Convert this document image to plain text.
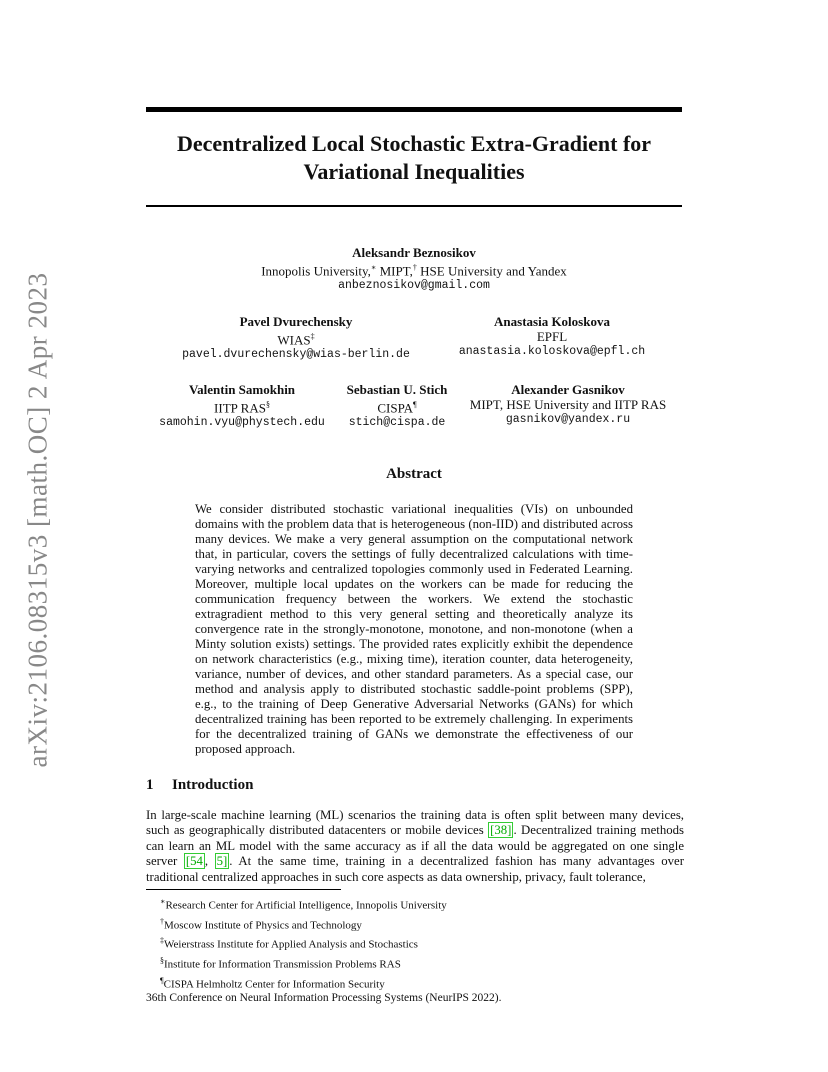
arXiv:2106.08315v3 [math.OC] 2 Apr 2023
Decentralized Local Stochastic Extra-Gradient for
Variational Inequalities
Aleksandr Beznosikov
Innopolis University,∗ MIPT,† HSE University and Yandex
anbeznosikov@gmail.com
Pavel Dvurechensky
WIAS‡
pavel.dvurechensky@wias-berlin.de
Anastasia Koloskova
EPFL
anastasia.koloskova@epfl.ch
Valentin Samokhin
IITP RAS§
samohin.vyu@phystech.edu
Sebastian U. Stich
CISPA¶
stich@cispa.de
Alexander Gasnikov
MIPT, HSE University and IITP RAS
gasnikov@yandex.ru
Abstract
We consider distributed stochastic variational inequalities (VIs) on unbounded domains with the problem data that is heterogeneous (non-IID) and distributed across many devices. We make a very general assumption on the computational network that, in particular, covers the settings of fully decentralized calculations with time-varying networks and centralized topologies commonly used in Federated Learning. Moreover, multiple local updates on the workers can be made for reducing the communication frequency between the workers. We extend the stochastic extragradient method to this very general setting and theoretically analyze its convergence rate in the strongly-monotone, monotone, and non-monotone (when a Minty solution exists) settings. The provided rates explicitly exhibit the dependence on network characteristics (e.g., mixing time), iteration counter, data heterogeneity, variance, number of devices, and other standard parameters. As a special case, our method and analysis apply to distributed stochastic saddle-point problems (SPP), e.g., to the training of Deep Generative Adversarial Networks (GANs) for which decentralized training has been reported to be extremely challenging. In experiments for the decentralized training of GANs we demonstrate the effectiveness of our proposed approach.
1 Introduction
In large-scale machine learning (ML) scenarios the training data is often split between many devices, such as geographically distributed datacenters or mobile devices [38] . Decentralized training methods can learn an ML model with the same accuracy as if all the data would be aggregated on one single server [54 , 5] . At the same time, training in a decentralized fashion has many advantages over traditional centralized approaches in such core aspects as data ownership, privacy, fault tolerance,
∗Research Center for Artificial Intelligence, Innopolis University
†Moscow Institute of Physics and Technology
‡Weierstrass Institute for Applied Analysis and Stochastics
§Institute for Information Transmission Problems RAS
¶CISPA Helmholtz Center for Information Security
36th Conference on Neural Information Processing Systems (NeurIPS 2022).
